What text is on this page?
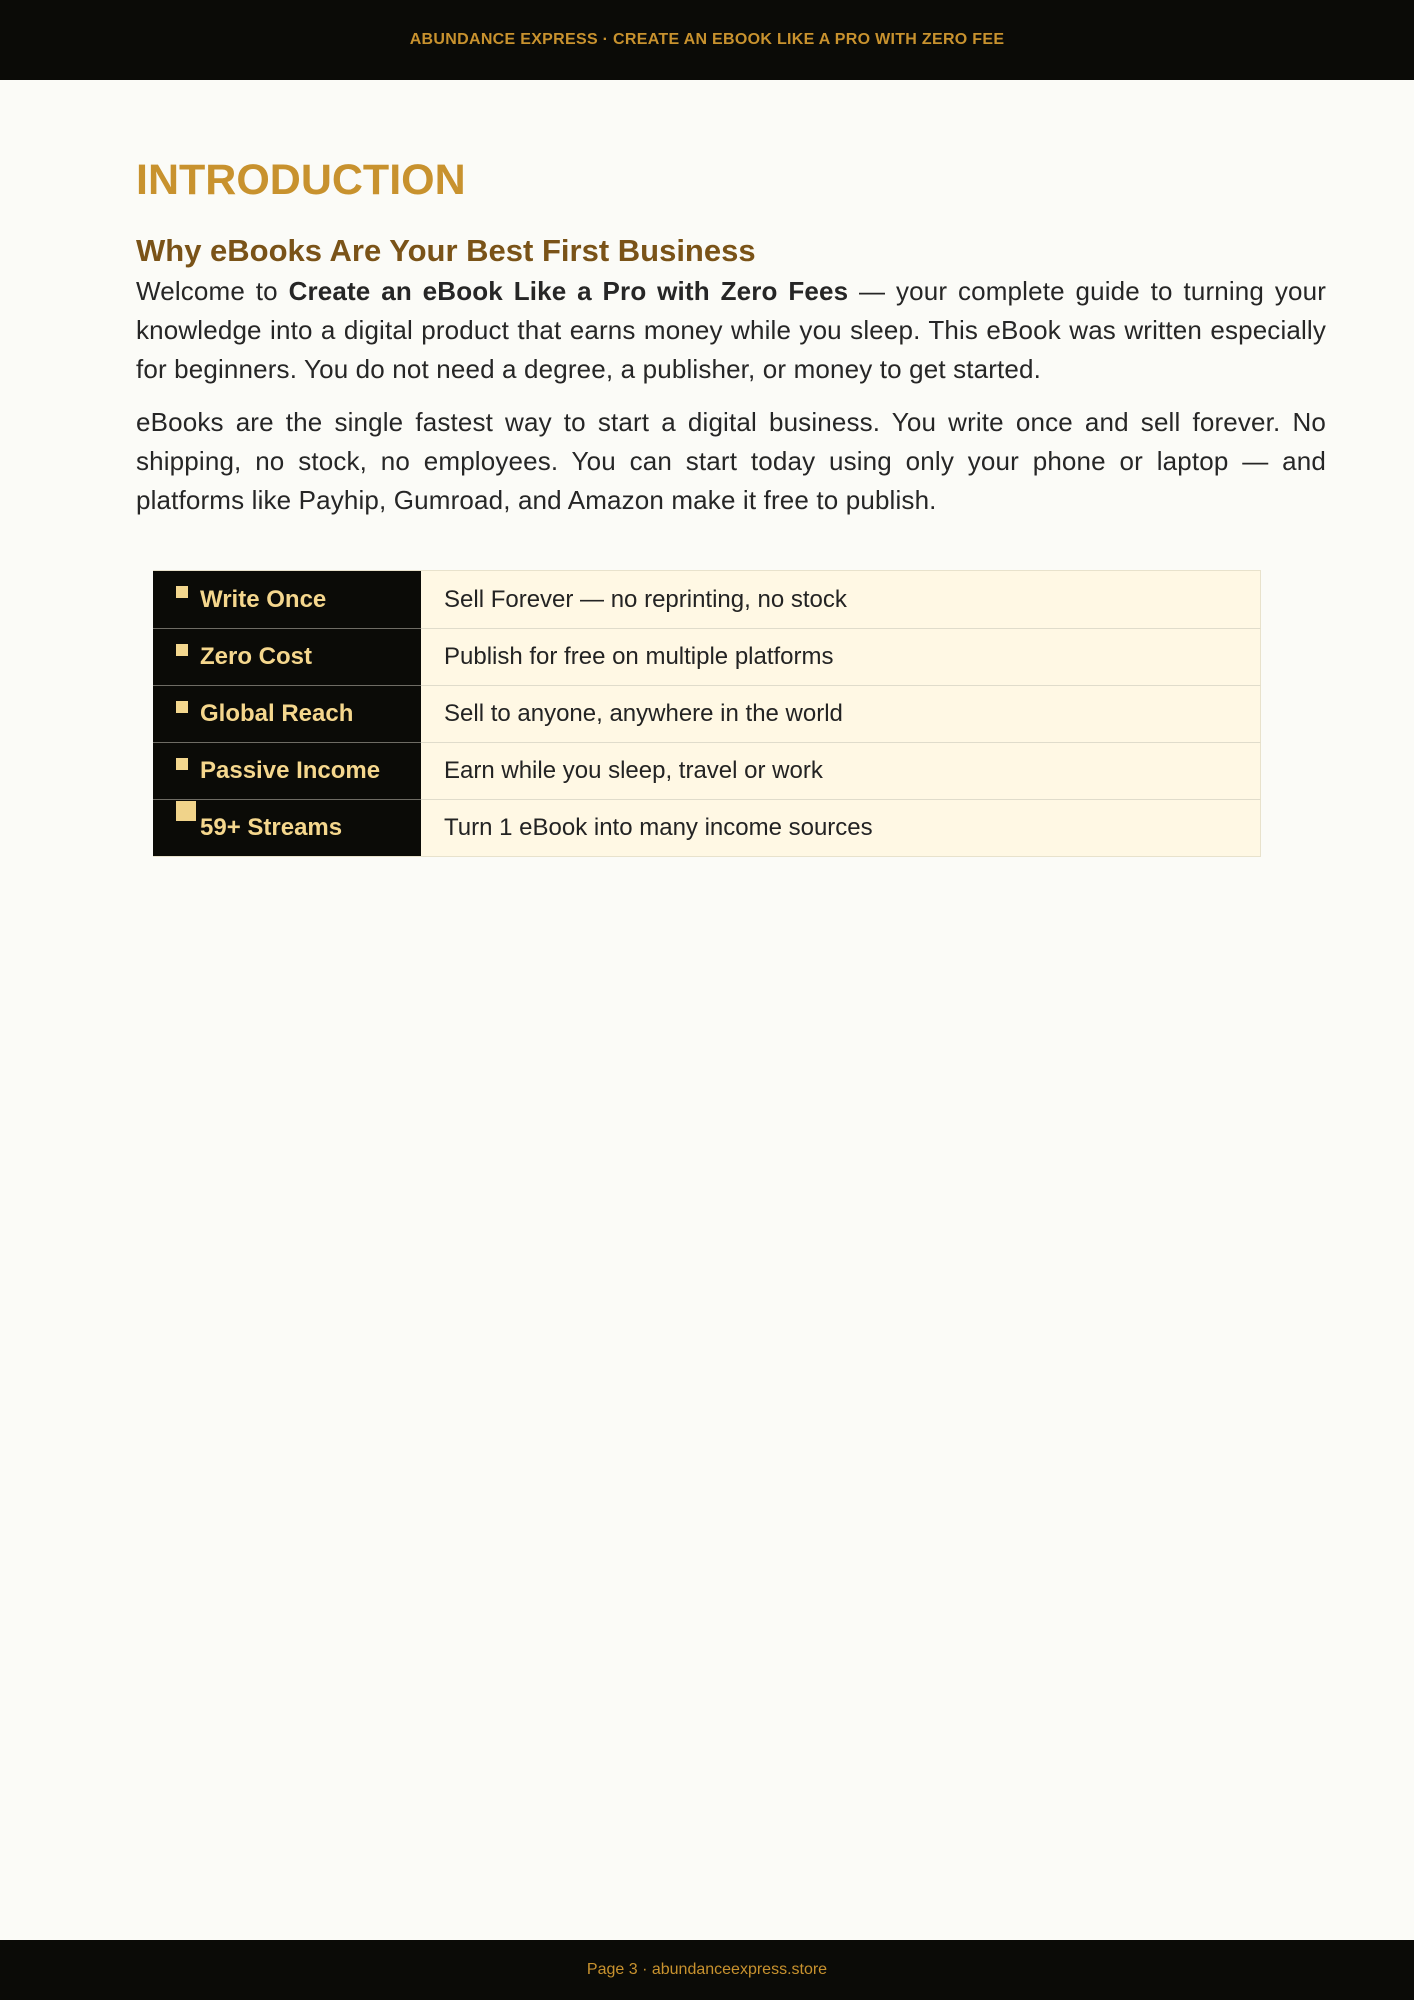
ABUNDANCE EXPRESS · CREATE AN EBOOK LIKE A PRO WITH ZERO FEE
INTRODUCTION
Why eBooks Are Your Best First Business

Welcome to Create an eBook Like a Pro with Zero Fees — your complete guide to turning your knowledge into a digital product that earns money while you sleep. This eBook was written especially for beginners. You do not need a degree, a publisher, or money to get started.

eBooks are the single fastest way to start a digital business. You write once and sell forever. No shipping, no stock, no employees. You can start today using only your phone or laptop — and platforms like Payhip, Gumroad, and Amazon make it free to publish.

Write Once	Sell Forever — no reprinting, no stock
Zero Cost	Publish for free on multiple platforms
Global Reach	Sell to anyone, anywhere in the world
Passive Income	Earn while you sleep, travel or work
59+ Streams	Turn 1 eBook into many income sources
Page 3 · abundanceexpress.store
